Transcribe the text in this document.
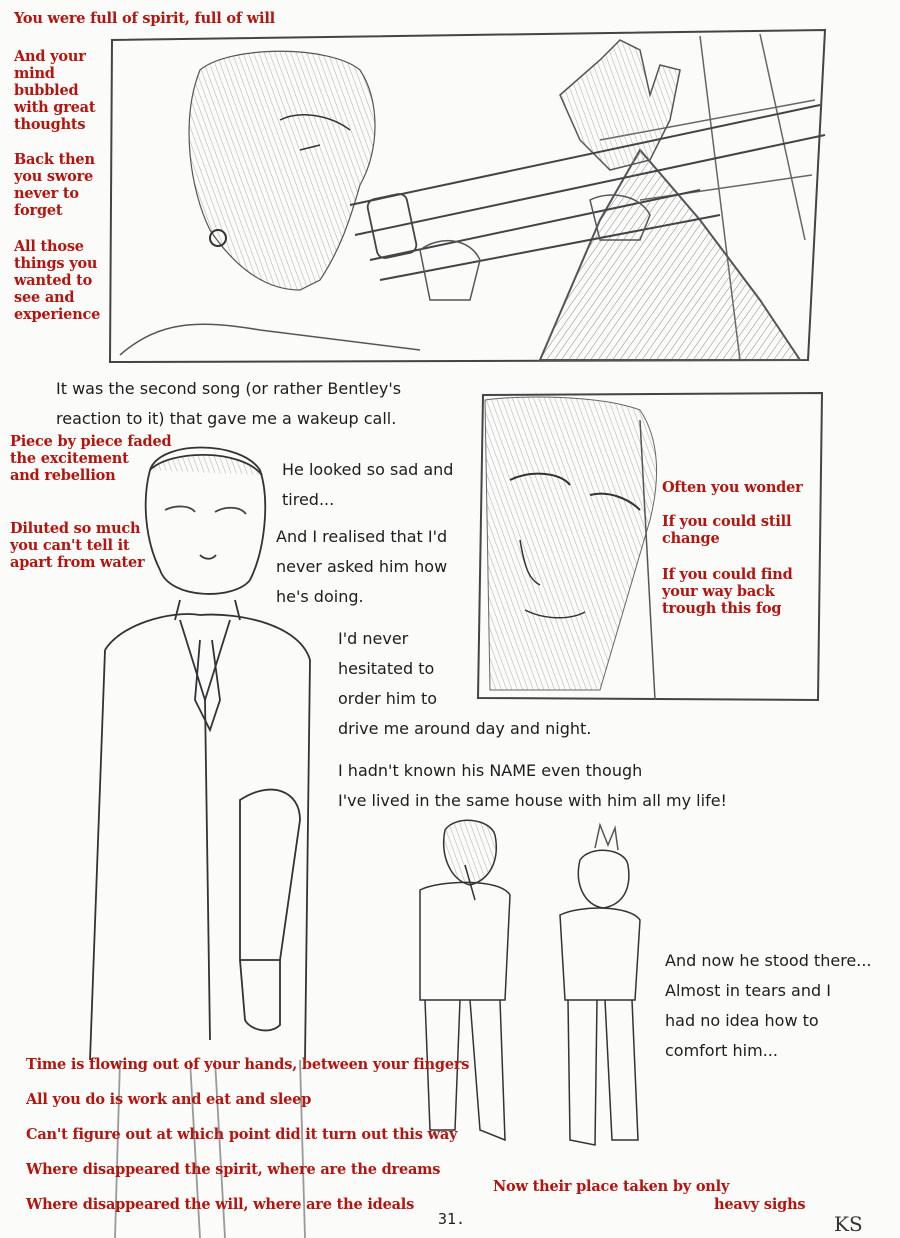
You were full of spirit, full of will
And your
mind
bubbled
with great
thoughts
Back then
you swore
never to
forget
All those
things you
wanted to
see and
experience
It was the second song (or rather Bentley's
reaction to it) that gave me a wakeup call.
Piece by piece faded
the excitement
and rebellion
Diluted so much
you can't tell it
apart from water
He looked so sad and
tired...
And I realised that I'd
never asked him how
he's doing.
I'd never
hesitated to
order him to
drive me around day and night.
I hadn't known his NAME even though
I've lived in the same house with him all my life!
Often you wonder
If you could still
change
If you could find
your way back
trough this fog
And now he stood there...
Almost in tears and I
had no idea how to
comfort him...
Time is flowing out of your hands, between your fingers
All you do is work and eat and sleep
Can't figure out at which point did it turn out this way
Where disappeared the spirit, where are the dreams
Where disappeared the will, where are the ideals
Now their place taken by only
heavy sighs
31.	KS
